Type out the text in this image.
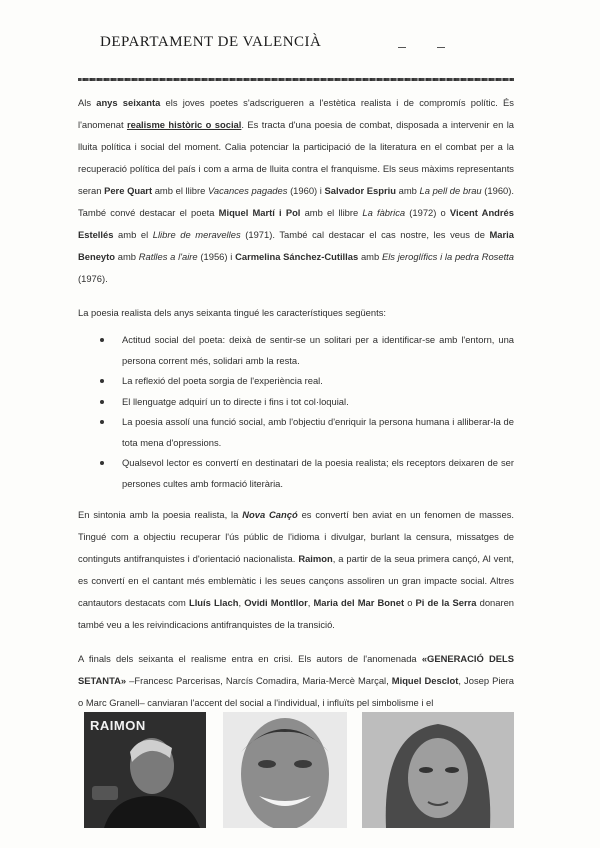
DEPARTAMENT DE VALENCIÀ

Als anys seixanta els joves poetes s'adscrigueren a l'estètica realista i de compromís polític. És l'anomenat realisme històric o social. Es tracta d'una poesia de combat, disposada a intervenir en la lluita política i social del moment. Calia potenciar la participació de la literatura en el combat per a la recuperació política del país i com a arma de lluita contra el franquisme. Els seus màxims representants seran Pere Quart amb el llibre Vacances pagades (1960) i Salvador Espriu amb La pell de brau (1960). També convé destacar el poeta Miquel Martí i Pol amb el llibre La fàbrica (1972) o Vicent Andrés Estellés amb el Llibre de meravelles (1971). També cal destacar el cas nostre, les veus de Maria Beneyto amb Ratlles a l'aire (1956) i Carmelina Sánchez-Cutillas amb Els jeroglífics i la pedra Rosetta (1976).

La poesia realista dels anys seixanta tingué les característiques següents:

Actitud social del poeta: deixà de sentir-se un solitari per a identificar-se amb l'entorn, una persona corrent més, solidari amb la resta.
La reflexió del poeta sorgia de l'experiència real.
El llenguatge adquirí un to directe i fins i tot col·loquial.
La poesia assolí una funció social, amb l'objectiu d'enriquir la persona humana i alliberar-la de tota mena d'opressions.
Qualsevol lector es convertí en destinatari de la poesia realista; els receptors deixaren de ser persones cultes amb formació literària.

En sintonia amb la poesia realista, la Nova Cançó es convertí ben aviat en un fenomen de masses. Tingué com a objectiu recuperar l'ús públic de l'idioma i divulgar, burlant la censura, missatges de continguts antifranquistes i d'orientació nacionalista. Raimon, a partir de la seua primera cançó, Al vent, es convertí en el cantant més emblemàtic i les seues cançons assoliren un gran impacte social. Altres cantautors destacats com Lluís Llach, Ovidi Montllor, Maria del Mar Bonet o Pi de la Serra donaren també veu a les reivindicacions antifranquistes de la transició.

A finals dels seixanta el realisme entra en crisi. Els autors de l'anomenada «GENERACIÓ DELS SETANTA» –Francesc Parcerisas, Narcís Comadira, Maria-Mercè Marçal, Miquel Desclot, Josep Piera o Marc Granell– canviaran l'accent del social a l'individual, i influïts pel simbolisme i el

RAIMON
